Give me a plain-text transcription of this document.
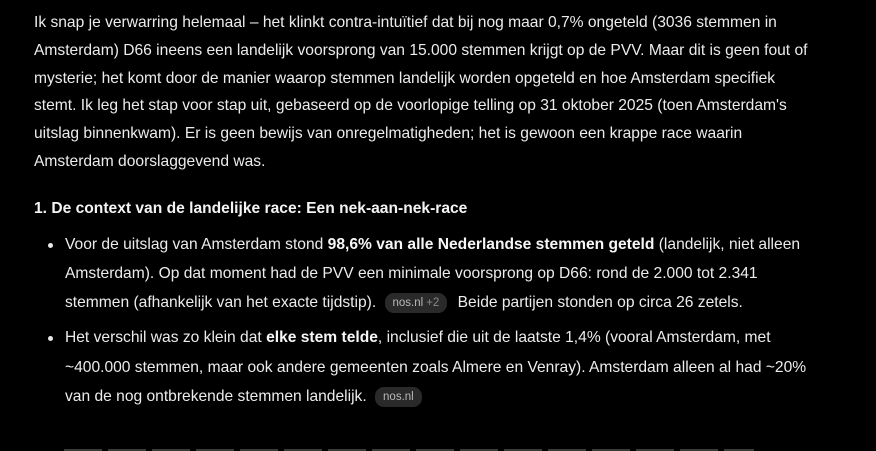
Ik snap je verwarring helemaal – het klinkt contra-intuïtief dat bij nog maar 0,7% ongeteld (3036 stemmen in Amsterdam) D66 ineens een landelijk voorsprong van 15.000 stemmen krijgt op de PVV. Maar dit is geen fout of mysterie; het komt door de manier waarop stemmen landelijk worden opgeteld en hoe Amsterdam specifiek stemt. Ik leg het stap voor stap uit, gebaseerd op de voorlopige telling op 31 oktober 2025 (toen Amsterdam's uitslag binnenkwam). Er is geen bewijs van onregelmatigheden; het is gewoon een krappe race waarin Amsterdam doorslaggevend was.

1. De context van de landelijke race: Een nek-aan-nek-race
Voor de uitslag van Amsterdam stond 98,6% van alle Nederlandse stemmen geteld (landelijk, niet alleen Amsterdam). Op dat moment had de PVV een minimale voorsprong op D66: rond de 2.000 tot 2.341 stemmen (afhankelijk van het exacte tijdstip). nos.nl +2 Beide partijen stonden op circa 26 zetels.
Het verschil was zo klein dat elke stem telde, inclusief die uit de laatste 1,4% (vooral Amsterdam, met ~400.000 stemmen, maar ook andere gemeenten zoals Almere en Venray). Amsterdam alleen al had ~20% van de nog ontbrekende stemmen landelijk. nos.nl
